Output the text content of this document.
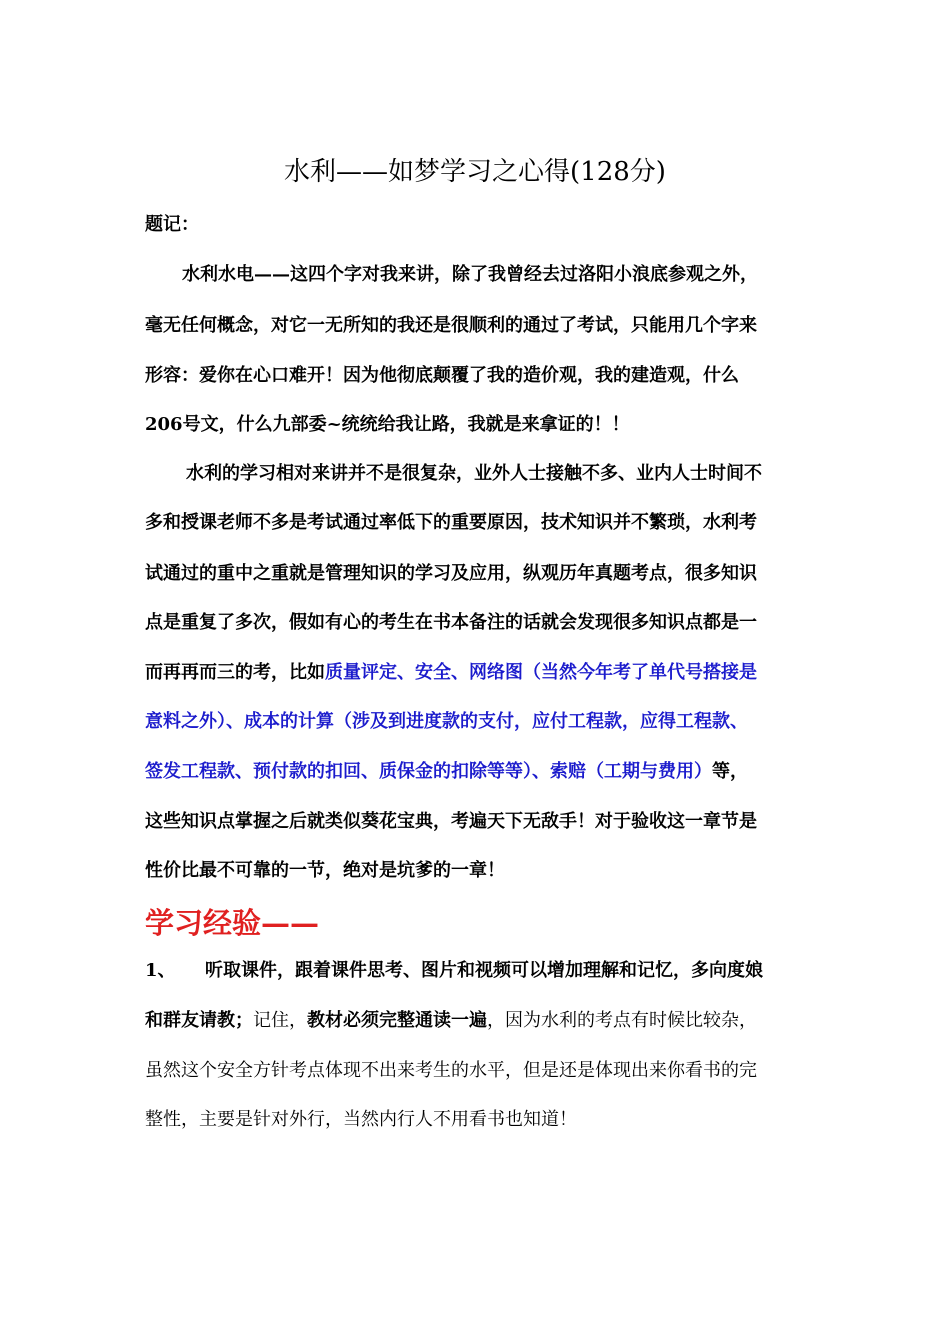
水利——如梦学习之心得(128分)
题记：
水利水电——这四个字对我来讲，除了我曾经去过洛阳小浪底参观之外，
毫无任何概念，对它一无所知的我还是很顺利的通过了考试，只能用几个字来
形容：爱你在心口难开！因为他彻底颠覆了我的造价观，我的建造观，什么
206号文，什么九部委~统统给我让路，我就是来拿证的！！
水利的学习相对来讲并不是很复杂，业外人士接触不多、业内人士时间不
多和授课老师不多是考试通过率低下的重要原因，技术知识并不繁琐，水利考
试通过的重中之重就是管理知识的学习及应用，纵观历年真题考点，很多知识
点是重复了多次，假如有心的考生在书本备注的话就会发现很多知识点都是一
而再再而三的考，比如质量评定、安全、网络图（当然今年考了单代号搭接是
意料之外）、成本的计算（涉及到进度款的支付，应付工程款，应得工程款、
签发工程款、预付款的扣回、质保金的扣除等等）、索赔（工期与费用）等，
这些知识点掌握之后就类似葵花宝典，考遍天下无敌手！对于验收这一章节是
性价比最不可靠的一节，绝对是坑爹的一章！
学习经验——
1、 听取课件，跟着课件思考、图片和视频可以增加理解和记忆，多向度娘
和群友请教；记住，教材必须完整通读一遍，因为水利的考点有时候比较杂，
虽然这个安全方针考点体现不出来考生的水平，但是还是体现出来你看书的完
整性，主要是针对外行，当然内行人不用看书也知道！
